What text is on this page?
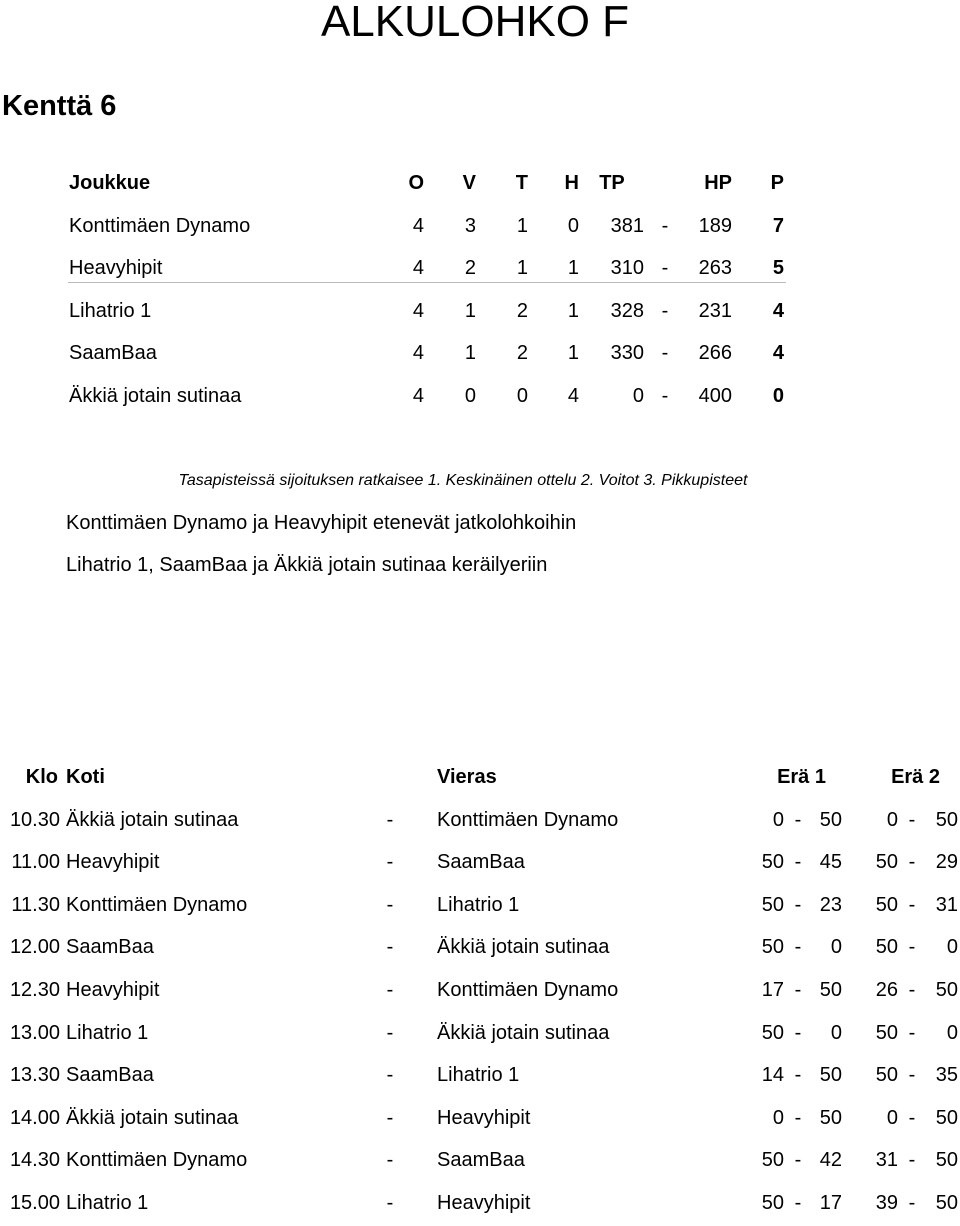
ALKULOHKO F
Kenttä 6
Joukkue	O	V	T	H	TP	HP	P
Konttimäen Dynamo	4	3	1	0	381 -	189	7
Heavyhipit	4	2	1	1	310 -	263	5
Lihatrio 1	4	1	2	1	328 -	231	4
SaamBaa	4	1	2	1	330 -	266	4
Äkkiä jotain sutinaa	4	0	0	4	0 -	400	0
Tasapisteissä sijoituksen ratkaisee 1. Keskinäinen ottelu 2. Voitot 3. Pikkupisteet
Konttimäen Dynamo ja Heavyhipit etenevät jatkolohkoihin
Lihatrio 1, SaamBaa ja Äkkiä jotain sutinaa keräilyeriin
Klo Koti	Vieras	Erä 1	Erä 2
10.30 Äkkiä jotain sutinaa	-	Konttimäen Dynamo	0 - 50	0 -	50
11.00 Heavyhipit	-	SaamBaa	50 - 45	50 -	29
11.30 Konttimäen Dynamo	-	Lihatrio 1	50 - 23	50 -	31
12.00 SaamBaa	-	Äkkiä jotain sutinaa	50 -	0	50 -	0
12.30 Heavyhipit	-	Konttimäen Dynamo	17 - 50	26 -	50
13.00 Lihatrio 1	-	Äkkiä jotain sutinaa	50 -	0	50 -	0
13.30 SaamBaa	-	Lihatrio 1	14 - 50	50 -	35
14.00 Äkkiä jotain sutinaa	-	Heavyhipit	0 - 50	0 -	50
14.30 Konttimäen Dynamo	-	SaamBaa	50 - 42	31 -	50
15.00 Lihatrio 1	-	Heavyhipit	50 - 17	39 -	50
